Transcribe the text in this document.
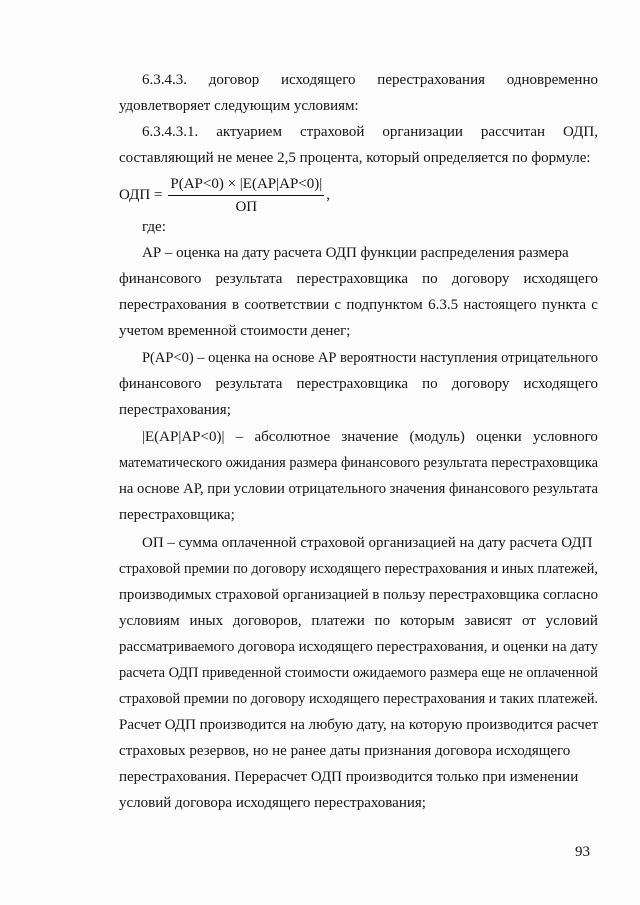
6.3.4.3. договор исходящего перестрахования одновременно
удовлетворяет следующим условиям:
6.3.4.3.1. актуарием страховой организации рассчитан ОДП,
составляющий не менее 2,5 процента, который определяется по формуле:
ОДП = $\frac{P(AP<0) \times |E(AP|AP<0)|}{ОП}$ ,
где:
АР – оценка на дату расчета ОДП функции распределения размера
финансового результата перестраховщика по договору исходящего
перестрахования в соответствии с подпунктом 6.3.5 настоящего пункта с
учетом временной стоимости денег;
P(AP<0) – оценка на основе АР вероятности наступления отрицательного
финансового результата перестраховщика по договору исходящего
перестрахования;
|E(AP|AP<0)| – абсолютное значение (модуль) оценки условного
математического ожидания размера финансового результата перестраховщика
на основе АР, при условии отрицательного значения финансового результата
перестраховщика;
ОП – сумма оплаченной страховой организацией на дату расчета ОДП
страховой премии по договору исходящего перестрахования и иных платежей,
производимых страховой организацией в пользу перестраховщика согласно
условиям иных договоров, платежи по которым зависят от условий
рассматриваемого договора исходящего перестрахования, и оценки на дату
расчета ОДП приведенной стоимости ожидаемого размера еще не оплаченной
страховой премии по договору исходящего перестрахования и таких платежей.
Расчет ОДП производится на любую дату, на которую производится расчет
страховых резервов, но не ранее даты признания договора исходящего
перестрахования. Перерасчет ОДП производится только при изменении
условий договора исходящего перестрахования;
93
